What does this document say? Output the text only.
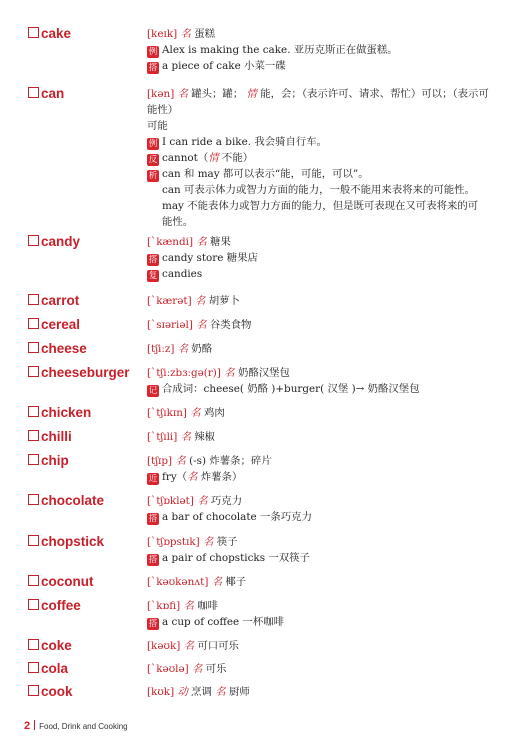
cake	[keɪk] 名 蛋糕
例 Alex is making the cake. 亚历克斯正在做蛋糕。
搭 a piece of cake 小菜一碟
can	[kən] 名 罐头；罐； 情 能，会；（表示许可、请求、帮忙）可以；（表示可能性）
可能
例 I can ride a bike. 我会骑自行车。
反 cannot（情 不能）
析 can 和 may 都可以表示“能，可能，可以”。
can 可表示体力或智力方面的能力，一般不能用来表将来的可能性。
may 不能表体力或智力方面的能力，但是既可表现在又可表将来的可
能性。
candy	[ˋkændi] 名 糖果
搭 candy store 糖果店
复 candies
carrot	[ˋkærət] 名 胡萝卜
cereal	[ˋsɪəriəl] 名 谷类食物
cheese	[tʃiːz] 名 奶酪
cheeseburger [ˋtʃiːzbɜːgə(r)] 名 奶酪汉堡包
记 合成词：cheese( 奶酪 )+burger( 汉堡 )→ 奶酪汉堡包
chicken	[ˋtʃɪkɪn] 名 鸡肉
chilli	[ˋtʃɪli] 名 辣椒
chip	[tʃɪp] 名 (-s) 炸薯条；碎片
近 fry（名 炸薯条）
chocolate	[ˋtʃɒklət] 名 巧克力
搭 a bar of chocolate 一条巧克力
chopstick	[ˋtʃɒpstɪk] 名 筷子
搭 a pair of chopsticks 一双筷子
coconut	[ˋkəʊkənʌt] 名 椰子
coffee	[ˋkɒfi] 名 咖啡
搭 a cup of coffee 一杯咖啡
coke	[kəʊk] 名 可口可乐
cola	[ˋkəʊlə] 名 可乐
cook	[kʊk] 动 烹调 名 厨师
2 Food, Drink and Cooking
